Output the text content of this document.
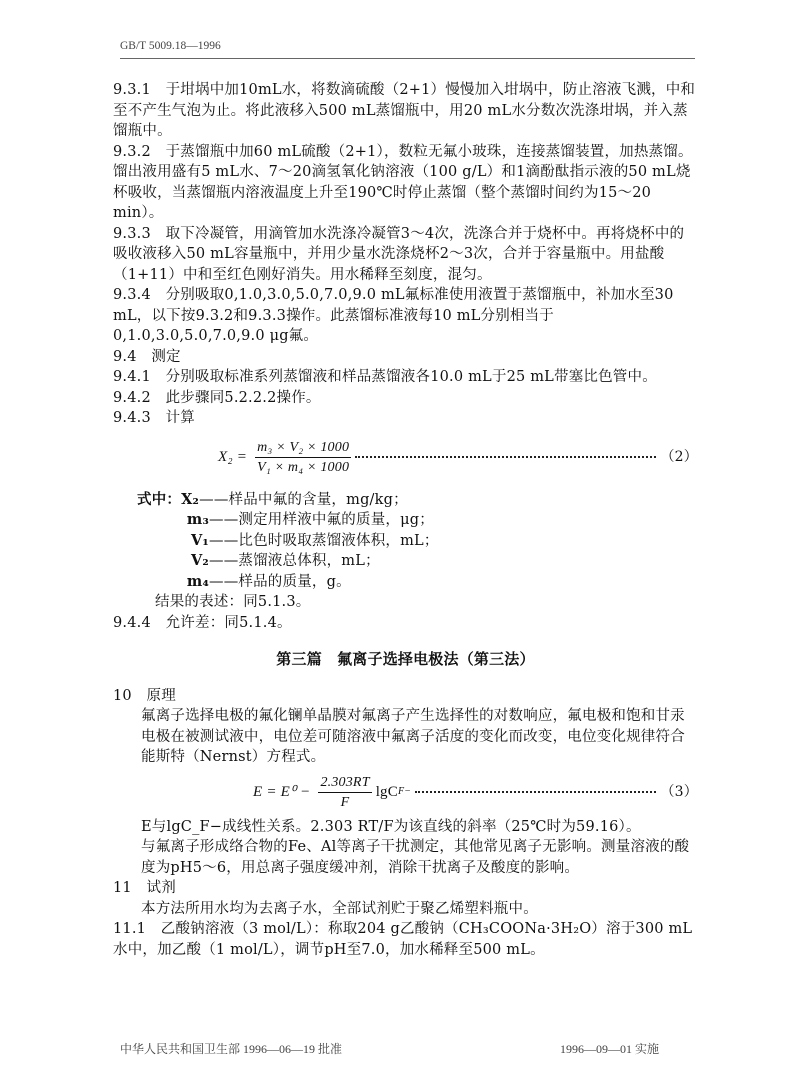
GB/T 5009.18—1996

9.3.1　于坩埚中加10mL水，将数滴硫酸（2+1）慢慢加入坩埚中，防止溶液飞溅，中和至不产生气泡为止。将此液移入500 mL蒸馏瓶中，用20 mL水分数次洗涤坩埚，并入蒸馏瓶中。

9.3.2　于蒸馏瓶中加60 mL硫酸（2+1），数粒无氟小玻珠，连接蒸馏装置，加热蒸馏。馏出液用盛有5 mL水、7～20滴氢氧化钠溶液（100 g/L）和1滴酚酞指示液的50 mL烧杯吸收，当蒸馏瓶内溶液温度上升至190℃时停止蒸馏（整个蒸馏时间约为15～20 min）。

9.3.3　取下冷凝管，用滴管加水洗涤冷凝管3～4次，洗涤合并于烧杯中。再将烧杯中的吸收液移入50 mL容量瓶中，并用少量水洗涤烧杯2～3次，合并于容量瓶中。用盐酸（1+11）中和至红色刚好消失。用水稀释至刻度，混匀。

9.3.4　分别吸取0,1.0,3.0,5.0,7.0,9.0 mL氟标准使用液置于蒸馏瓶中，补加水至30 mL，以下按9.3.2和9.3.3操作。此蒸馏标准液每10 mL分别相当于0,1.0,3.0,5.0,7.0,9.0 μg氟。

9.4　测定

9.4.1　分别吸取标准系列蒸馏液和样品蒸馏液各10.0 mL于25 mL带塞比色管中。

9.4.2　此步骤同5.2.2.2操作。

9.4.3　计算

$X_2 = \frac{\text{m₃ × V₂ × 1000}}{\text{V₁ × m₄ × 1000}}$	（2）
式中： X₂ ——样品中氟的含量，mg/kg；
m₃ ——测定用样液中氟的质量，μg；
V₁ ——比色时吸取蒸馏液体积，mL；
V₂ ——蒸馏液总体积，mL；
m₄ ——样品的质量，g。

结果的表述：同5.1.3。

9.4.4　允许差：同5.1.4。

第三篇　氟离子选择电极法（第三法）

10　原理

氟离子选择电极的氟化镧单晶膜对氟离子产生选择性的对数响应，氟电极和饱和甘汞电极在被测试液中，电位差可随溶液中氟离子活度的变化而改变，电位变化规律符合能斯特（Nernst）方程式。

$E = E^0 - \frac{2.303RT}{F}$ lgC F−	（3）

E与lgC_F−成线性关系。2.303 RT/F为该直线的斜率（25℃时为59.16）。

与氟离子形成络合物的Fe、Al等离子干扰测定，其他常见离子无影响。测量溶液的酸度为pH5～6，用总离子强度缓冲剂，消除干扰离子及酸度的影响。

11　试剂

本方法所用水均为去离子水，全部试剂贮于聚乙烯塑料瓶中。

11.1　乙酸钠溶液（3 mol/L）：称取204 g乙酸钠（CH₃COONa·3H₂O）溶于300 mL水中，加乙酸（1 mol/L），调节pH至7.0，加水稀释至500 mL。

中华人民共和国卫生部 1996—06—19 批准	1996—09—01 实施
